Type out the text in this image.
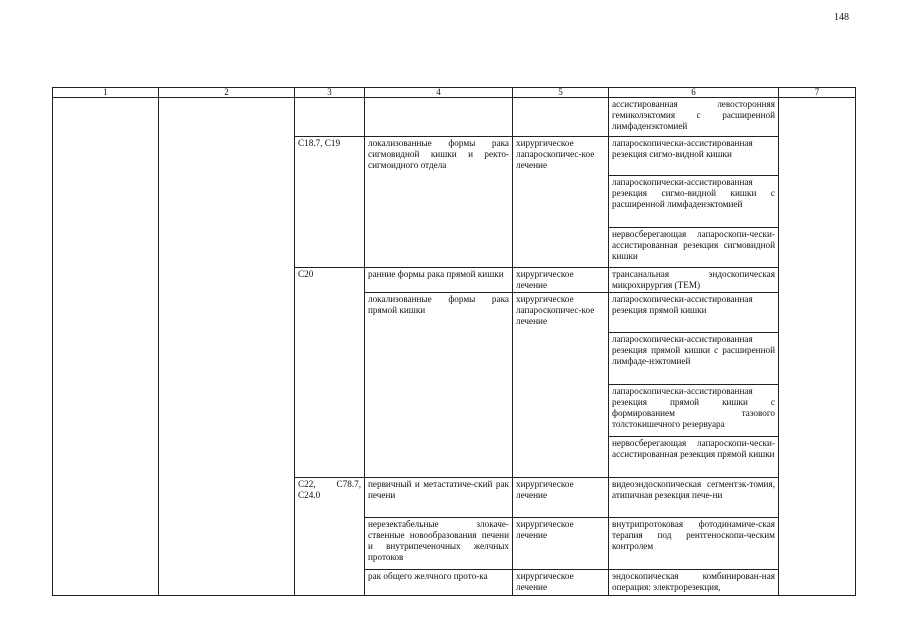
148
1	2	3	4	5	6	7
					ассистированная левосторонняя гемиколэктомия с расширенной лимфаденэктомией	
		C18.7, C19	локализованные формы рака сигмовидной кишки и ректо-сигмоидного отдела	хирургическое лапароскопичес-кое лечение	лапароскопически-ассистированная резекция сигмо-видной кишки	
					лапароскопически-ассистированная резекция сигмо-видной кишки с расширенной лимфаденэктомией	
					нервосберегающая лапароскопи-чески- ассистированная резекция сигмовидной кишки	
		C20	ранние формы рака прямой кишки	хирургическое лечение	трансанальная эндоскопическая микрохирургия (ТЕМ)	
			локализованные формы рака прямой кишки	хирургическое лапароскопичес-кое лечение	лапароскопически-ассистированная резекция прямой кишки	
					лапароскопически-ассистированная резекция прямой кишки с расширенной лимфаде-нэктомией	
					лапароскопически-ассистированная резекция прямой кишки с формированием тазового толстокишечного резервуара	
					нервосберегающая лапароскопи-чески-ассистированная резекция прямой кишки	
		C22, C78.7, C24.0	первичный и метастатиче-ский рак печени	хирургическое лечение	видеоэндоскопическая сегментэк-томия, атипичная резекция пече-ни	
			нерезектабельные злокаче-ственные новообразования печени и внутрипеченочных желчных протоков	хирургическое лечение	внутрипротоковая фотодинамиче-ская терапия под рентгеноскопи-ческим контролем	
			рак общего желчного прото-ка	хирургическое лечение	эндоскопическая комбинирован-ная операция: электрорезекция,	
